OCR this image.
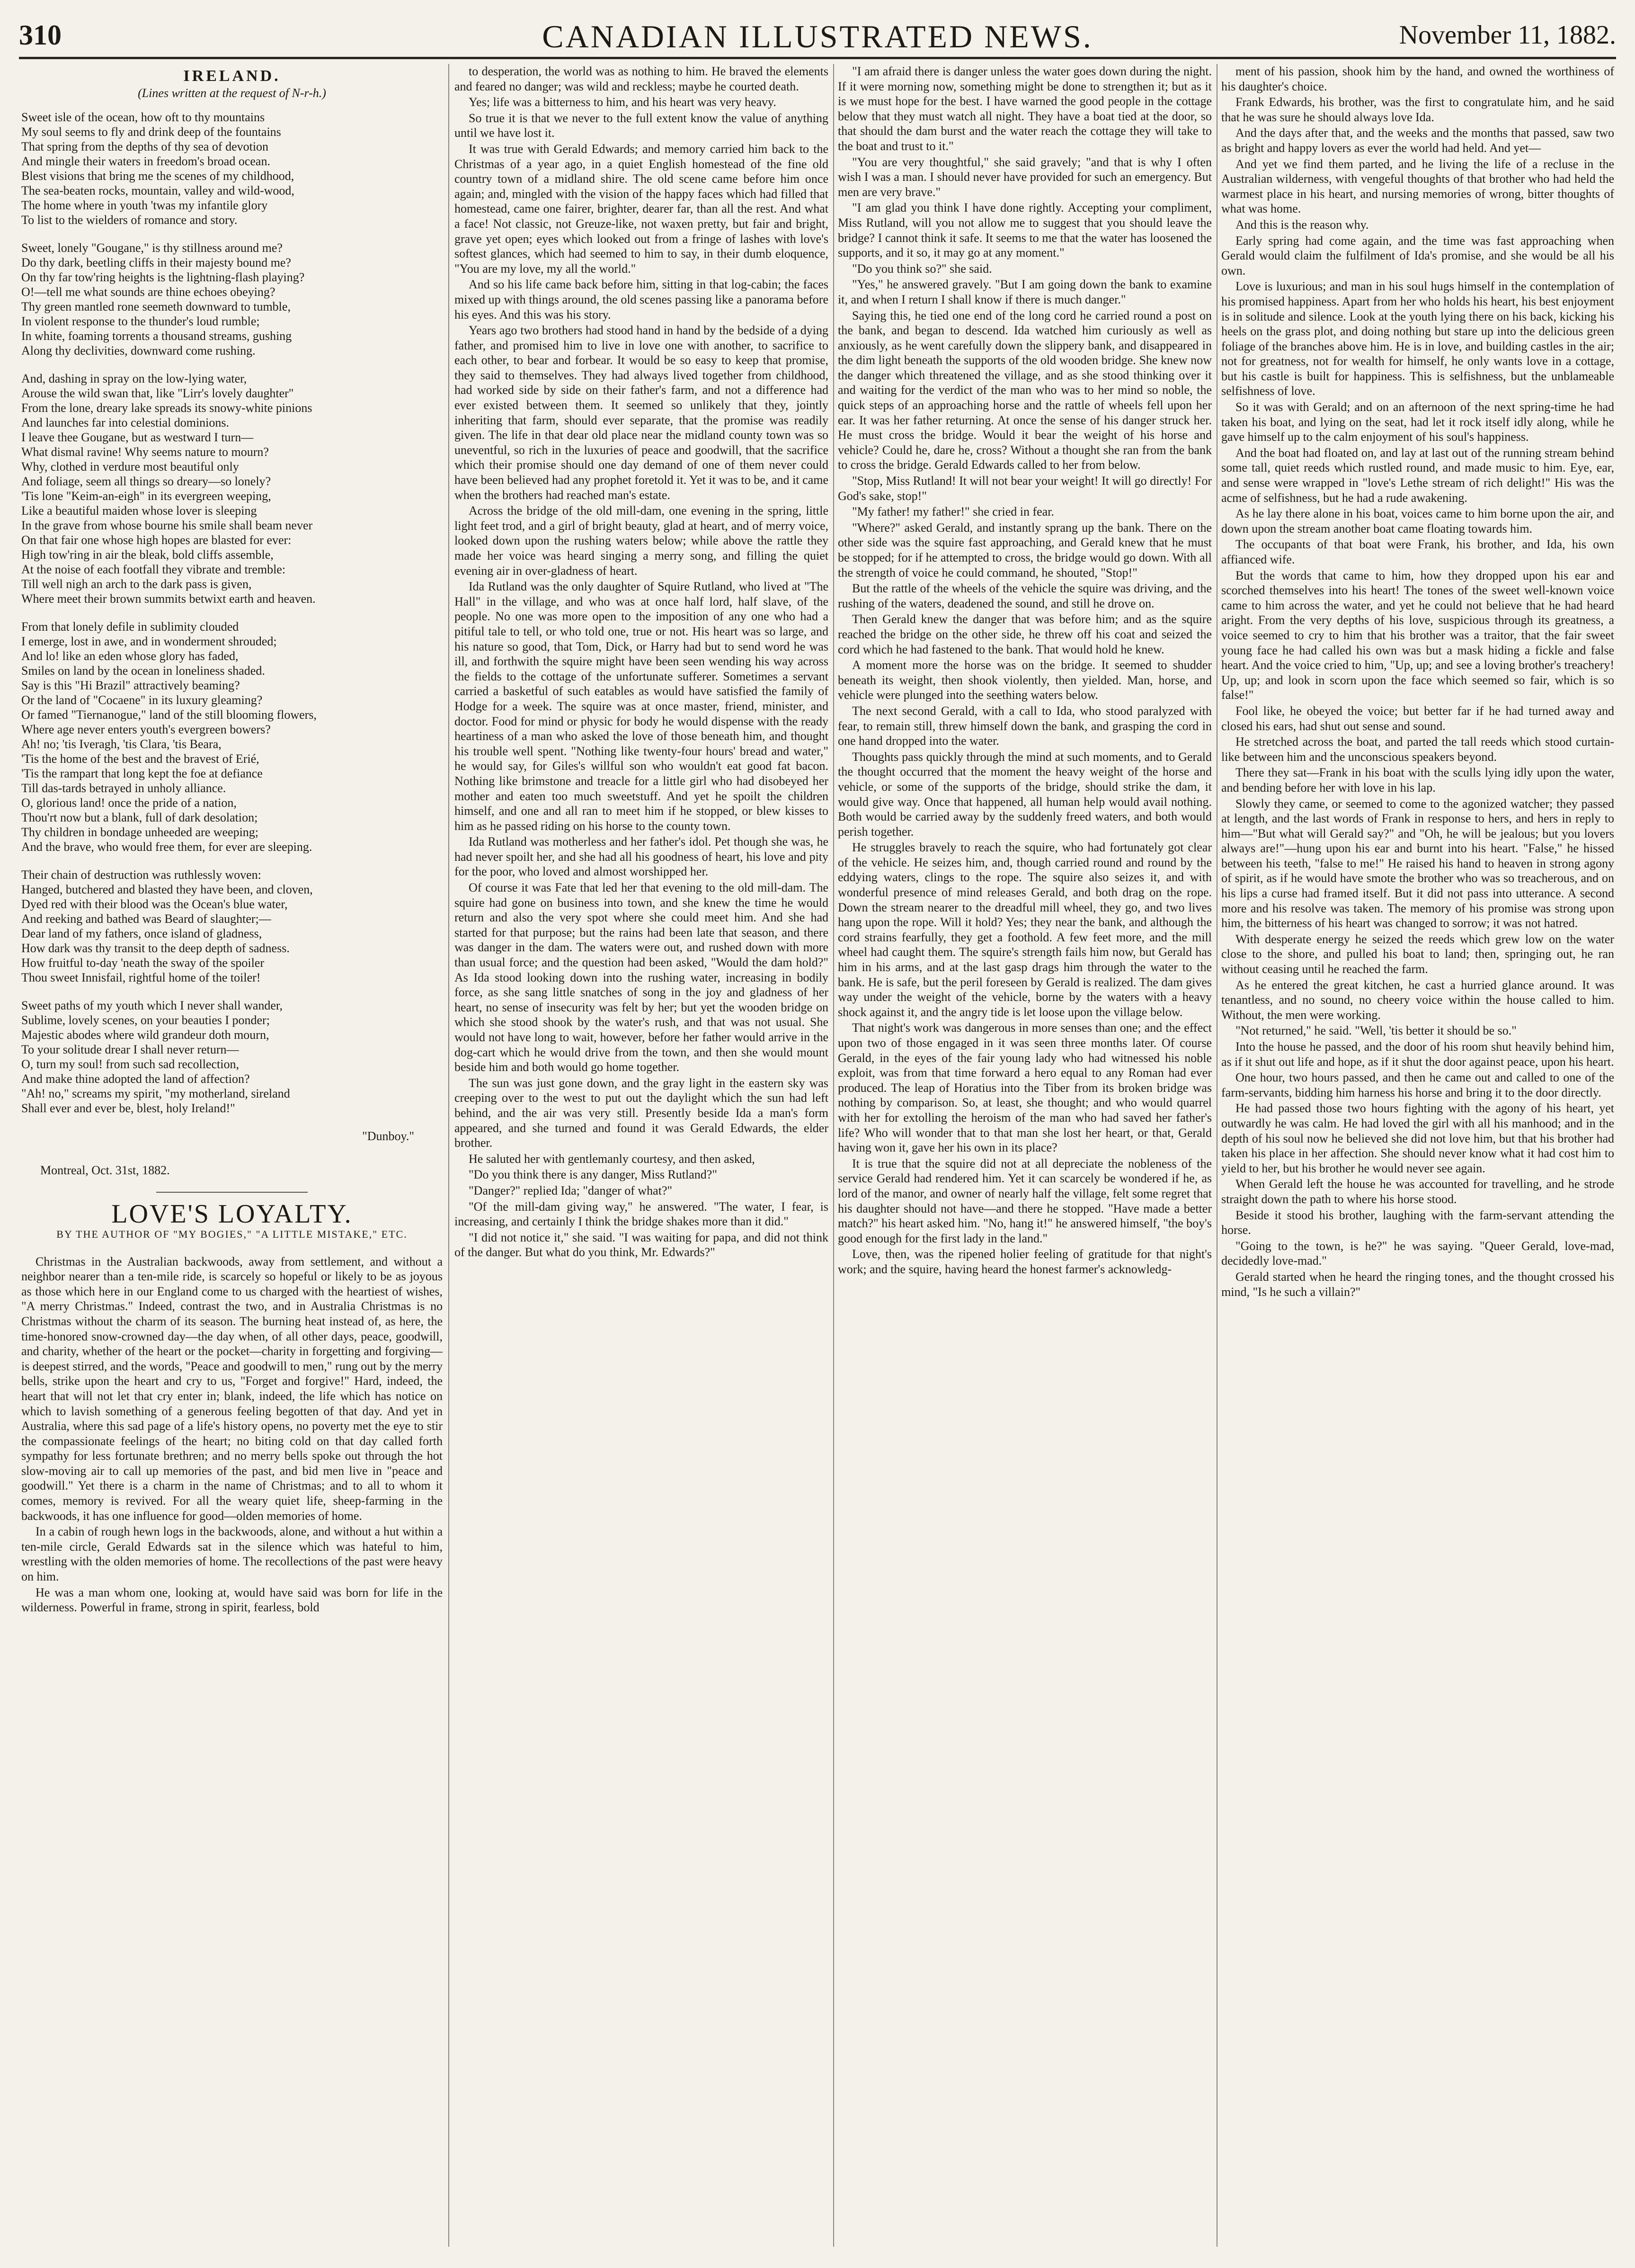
310	CANADIAN ILLUSTRATED NEWS.	November 11, 1882.
IRELAND.
(Lines written at the request of N-r-h.)
Sweet isle of the ocean, how oft to thy mountains
My soul seems to fly and drink deep of the fountains
That spring from the depths of thy sea of devotion
And mingle their waters in freedom's broad ocean.
Blest visions that bring me the scenes of my childhood,
The sea-beaten rocks, mountain, valley and wild-wood,
The home where in youth 'twas my infantile glory
To list to the wielders of romance and story.
Sweet, lonely "Gougane," is thy stillness around me?
Do thy dark, beetling cliffs in their majesty bound me?
On thy far tow'ring heights is the lightning-flash playing?
O!—tell me what sounds are thine echoes obeying?
Thy green mantled rone seemeth downward to tumble,
In violent response to the thunder's loud rumble;
In white, foaming torrents a thousand streams, gushing
Along thy declivities, downward come rushing.
And, dashing in spray on the low-lying water,
Arouse the wild swan that, like "Lirr's lovely daughter"
From the lone, dreary lake spreads its snowy-white pinions
And launches far into celestial dominions.
I leave thee Gougane, but as westward I turn—
What dismal ravine! Why seems nature to mourn?
Why, clothed in verdure most beautiful only
And foliage, seem all things so dreary—so lonely?
'Tis lone "Keim-an-eigh" in its evergreen weeping,
Like a beautiful maiden whose lover is sleeping
In the grave from whose bourne his smile shall beam never
On that fair one whose high hopes are blasted for ever:
High tow'ring in air the bleak, bold cliffs assemble,
At the noise of each footfall they vibrate and tremble:
Till well nigh an arch to the dark pass is given,
Where meet their brown summits betwixt earth and heaven.
From that lonely defile in sublimity clouded
I emerge, lost in awe, and in wonderment shrouded;
And lo! like an eden whose glory has faded,
Smiles on land by the ocean in loneliness shaded.
Say is this "Hi Brazil" attractively beaming?
Or the land of "Cocaene" in its luxury gleaming?
Or famed "Tiernanogue," land of the still blooming flowers,
Where age never enters youth's evergreen bowers?
Ah! no; 'tis Iveragh, 'tis Clara, 'tis Beara,
'Tis the home of the best and the bravest of Erié,
'Tis the rampart that long kept the foe at defiance
Till das-tards betrayed in unholy alliance.
O, glorious land! once the pride of a nation,
Thou'rt now but a blank, full of dark desolation;
Thy children in bondage unheeded are weeping;
And the brave, who would free them, for ever are sleeping.
Their chain of destruction was ruthlessly woven:
Hanged, butchered and blasted they have been, and cloven,
Dyed red with their blood was the Ocean's blue water,
And reeking and bathed was Beard of slaughter;—
Dear land of my fathers, once island of gladness,
How dark was thy transit to the deep depth of sadness.
How fruitful to-day 'neath the sway of the spoiler
Thou sweet Innisfail, rightful home of the toiler!
Sweet paths of my youth which I never shall wander,
Sublime, lovely scenes, on your beauties I ponder;
Majestic abodes where wild grandeur doth mourn,
To your solitude drear I shall never return—
O, turn my soul! from such sad recollection,
And make thine adopted the land of affection?
"Ah! no," screams my spirit, "my motherland, sireland
Shall ever and ever be, blest, holy Ireland!"
"Dunboy."
Montreal, Oct. 31st, 1882.
LOVE'S LOYALTY.
BY THE AUTHOR OF "MY BOGIES," "A LITTLE MISTAKE," ETC.

Christmas in the Australian backwoods, away from settlement, and without a neighbor nearer than a ten-mile ride, is scarcely so hopeful or likely to be as joyous as those which here in our England come to us charged with the heartiest of wishes, "A merry Christmas." Indeed, contrast the two, and in Australia Christmas is no Christmas without the charm of its season. The burning heat instead of, as here, the time-honored snow-crowned day—the day when, of all other days, peace, goodwill, and charity, whether of the heart or the pocket—charity in forgetting and forgiving—is deepest stirred, and the words, "Peace and goodwill to men," rung out by the merry bells, strike upon the heart and cry to us, "Forget and forgive!" Hard, indeed, the heart that will not let that cry enter in; blank, indeed, the life which has notice on which to lavish something of a generous feeling begotten of that day. And yet in Australia, where this sad page of a life's history opens, no poverty met the eye to stir the compassionate feelings of the heart; no biting cold on that day called forth sympathy for less fortunate brethren; and no merry bells spoke out through the hot slow-moving air to call up memories of the past, and bid men live in "peace and goodwill." Yet there is a charm in the name of Christmas; and to all to whom it comes, memory is revived. For all the weary quiet life, sheep-farming in the backwoods, it has one influence for good—olden memories of home.

In a cabin of rough hewn logs in the backwoods, alone, and without a hut within a ten-mile circle, Gerald Edwards sat in the silence which was hateful to him, wrestling with the olden memories of home. The recollections of the past were heavy on him.

He was a man whom one, looking at, would have said was born for life in the wilderness. Powerful in frame, strong in spirit, fearless, bold

to desperation, the world was as nothing to him. He braved the elements and feared no danger; was wild and reckless; maybe he courted death.

Yes; life was a bitterness to him, and his heart was very heavy.

So true it is that we never to the full extent know the value of anything until we have lost it.

It was true with Gerald Edwards; and memory carried him back to the Christmas of a year ago, in a quiet English homestead of the fine old country town of a midland shire. The old scene came before him once again; and, mingled with the vision of the happy faces which had filled that homestead, came one fairer, brighter, dearer far, than all the rest. And what a face! Not classic, not Greuze-like, not waxen pretty, but fair and bright, grave yet open; eyes which looked out from a fringe of lashes with love's softest glances, which had seemed to him to say, in their dumb eloquence, "You are my love, my all the world."

And so his life came back before him, sitting in that log-cabin; the faces mixed up with things around, the old scenes passing like a panorama before his eyes. And this was his story.

Years ago two brothers had stood hand in hand by the bedside of a dying father, and promised him to live in love one with another, to sacrifice to each other, to bear and forbear. It would be so easy to keep that promise, they said to themselves. They had always lived together from childhood, had worked side by side on their father's farm, and not a difference had ever existed between them. It seemed so unlikely that they, jointly inheriting that farm, should ever separate, that the promise was readily given. The life in that dear old place near the midland county town was so uneventful, so rich in the luxuries of peace and goodwill, that the sacrifice which their promise should one day demand of one of them never could have been believed had any prophet foretold it. Yet it was to be, and it came when the brothers had reached man's estate.

Across the bridge of the old mill-dam, one evening in the spring, little light feet trod, and a girl of bright beauty, glad at heart, and of merry voice, looked down upon the rushing waters below; while above the rattle they made her voice was heard singing a merry song, and filling the quiet evening air in over-gladness of heart.

Ida Rutland was the only daughter of Squire Rutland, who lived at "The Hall" in the village, and who was at once half lord, half slave, of the people. No one was more open to the imposition of any one who had a pitiful tale to tell, or who told one, true or not. His heart was so large, and his nature so good, that Tom, Dick, or Harry had but to send word he was ill, and forthwith the squire might have been seen wending his way across the fields to the cottage of the unfortunate sufferer. Sometimes a servant carried a basketful of such eatables as would have satisfied the family of Hodge for a week. The squire was at once master, friend, minister, and doctor. Food for mind or physic for body he would dispense with the ready heartiness of a man who asked the love of those beneath him, and thought his trouble well spent. "Nothing like twenty-four hours' bread and water," he would say, for Giles's willful son who wouldn't eat good fat bacon. Nothing like brimstone and treacle for a little girl who had disobeyed her mother and eaten too much sweetstuff. And yet he spoilt the children himself, and one and all ran to meet him if he stopped, or blew kisses to him as he passed riding on his horse to the county town.

Ida Rutland was motherless and her father's idol. Pet though she was, he had never spoilt her, and she had all his goodness of heart, his love and pity for the poor, who loved and almost worshipped her.

Of course it was Fate that led her that evening to the old mill-dam. The squire had gone on business into town, and she knew the time he would return and also the very spot where she could meet him. And she had started for that purpose; but the rains had been late that season, and there was danger in the dam. The waters were out, and rushed down with more than usual force; and the question had been asked, "Would the dam hold?" As Ida stood looking down into the rushing water, increasing in bodily force, as she sang little snatches of song in the joy and gladness of her heart, no sense of insecurity was felt by her; but yet the wooden bridge on which she stood shook by the water's rush, and that was not usual. She would not have long to wait, however, before her father would arrive in the dog-cart which he would drive from the town, and then she would mount beside him and both would go home together.

The sun was just gone down, and the gray light in the eastern sky was creeping over to the west to put out the daylight which the sun had left behind, and the air was very still. Presently beside Ida a man's form appeared, and she turned and found it was Gerald Edwards, the elder brother.

He saluted her with gentlemanly courtesy, and then asked,

"Do you think there is any danger, Miss Rutland?"

"Danger?" replied Ida; "danger of what?"

"Of the mill-dam giving way," he answered. "The water, I fear, is increasing, and certainly I think the bridge shakes more than it did."

"I did not notice it," she said. "I was waiting for papa, and did not think of the danger. But what do you think, Mr. Edwards?"

"I am afraid there is danger unless the water goes down during the night. If it were morning now, something might be done to strengthen it; but as it is we must hope for the best. I have warned the good people in the cottage below that they must watch all night. They have a boat tied at the door, so that should the dam burst and the water reach the cottage they will take to the boat and trust to it."

"You are very thoughtful," she said gravely; "and that is why I often wish I was a man. I should never have provided for such an emergency. But men are very brave."

"I am glad you think I have done rightly. Accepting your compliment, Miss Rutland, will you not allow me to suggest that you should leave the bridge? I cannot think it safe. It seems to me that the water has loosened the supports, and it so, it may go at any moment."

"Do you think so?" she said.

"Yes," he answered gravely. "But I am going down the bank to examine it, and when I return I shall know if there is much danger."

Saying this, he tied one end of the long cord he carried round a post on the bank, and began to descend. Ida watched him curiously as well as anxiously, as he went carefully down the slippery bank, and disappeared in the dim light beneath the supports of the old wooden bridge. She knew now the danger which threatened the village, and as she stood thinking over it and waiting for the verdict of the man who was to her mind so noble, the quick steps of an approaching horse and the rattle of wheels fell upon her ear. It was her father returning. At once the sense of his danger struck her. He must cross the bridge. Would it bear the weight of his horse and vehicle? Could he, dare he, cross? Without a thought she ran from the bank to cross the bridge. Gerald Edwards called to her from below.

"Stop, Miss Rutland! It will not bear your weight! It will go directly! For God's sake, stop!"

"My father! my father!" she cried in fear.

"Where?" asked Gerald, and instantly sprang up the bank. There on the other side was the squire fast approaching, and Gerald knew that he must be stopped; for if he attempted to cross, the bridge would go down. With all the strength of voice he could command, he shouted, "Stop!"

But the rattle of the wheels of the vehicle the squire was driving, and the rushing of the waters, deadened the sound, and still he drove on.

Then Gerald knew the danger that was before him; and as the squire reached the bridge on the other side, he threw off his coat and seized the cord which he had fastened to the bank. That would hold he knew.

A moment more the horse was on the bridge. It seemed to shudder beneath its weight, then shook violently, then yielded. Man, horse, and vehicle were plunged into the seething waters below.

The next second Gerald, with a call to Ida, who stood paralyzed with fear, to remain still, threw himself down the bank, and grasping the cord in one hand dropped into the water.

Thoughts pass quickly through the mind at such moments, and to Gerald the thought occurred that the moment the heavy weight of the horse and vehicle, or some of the supports of the bridge, should strike the dam, it would give way. Once that happened, all human help would avail nothing. Both would be carried away by the suddenly freed waters, and both would perish together.

He struggles bravely to reach the squire, who had fortunately got clear of the vehicle. He seizes him, and, though carried round and round by the eddying waters, clings to the rope. The squire also seizes it, and with wonderful presence of mind releases Gerald, and both drag on the rope. Down the stream nearer to the dreadful mill wheel, they go, and two lives hang upon the rope. Will it hold? Yes; they near the bank, and although the cord strains fearfully, they get a foothold. A few feet more, and the mill wheel had caught them. The squire's strength fails him now, but Gerald has him in his arms, and at the last gasp drags him through the water to the bank. He is safe, but the peril foreseen by Gerald is realized. The dam gives way under the weight of the vehicle, borne by the waters with a heavy shock against it, and the angry tide is let loose upon the village below.

That night's work was dangerous in more senses than one; and the effect upon two of those engaged in it was seen three months later. Of course Gerald, in the eyes of the fair young lady who had witnessed his noble exploit, was from that time forward a hero equal to any Roman had ever produced. The leap of Horatius into the Tiber from its broken bridge was nothing by comparison. So, at least, she thought; and who would quarrel with her for extolling the heroism of the man who had saved her father's life? Who will wonder that to that man she lost her heart, or that, Gerald having won it, gave her his own in its place?

It is true that the squire did not at all depreciate the nobleness of the service Gerald had rendered him. Yet it can scarcely be wondered if he, as lord of the manor, and owner of nearly half the village, felt some regret that his daughter should not have—and there he stopped. "Have made a better match?" his heart asked him. "No, hang it!" he answered himself, "the boy's good enough for the first lady in the land."

Love, then, was the ripened holier feeling of gratitude for that night's work; and the squire, having heard the honest farmer's acknowledg-

ment of his passion, shook him by the hand, and owned the worthiness of his daughter's choice.

Frank Edwards, his brother, was the first to congratulate him, and he said that he was sure he should always love Ida.

And the days after that, and the weeks and the months that passed, saw two as bright and happy lovers as ever the world had held. And yet—

And yet we find them parted, and he living the life of a recluse in the Australian wilderness, with vengeful thoughts of that brother who had held the warmest place in his heart, and nursing memories of wrong, bitter thoughts of what was home.

And this is the reason why.

Early spring had come again, and the time was fast approaching when Gerald would claim the fulfilment of Ida's promise, and she would be all his own.

Love is luxurious; and man in his soul hugs himself in the contemplation of his promised happiness. Apart from her who holds his heart, his best enjoyment is in solitude and silence. Look at the youth lying there on his back, kicking his heels on the grass plot, and doing nothing but stare up into the delicious green foliage of the branches above him. He is in love, and building castles in the air; not for greatness, not for wealth for himself, he only wants love in a cottage, but his castle is built for happiness. This is selfishness, but the unblameable selfishness of love.

So it was with Gerald; and on an afternoon of the next spring-time he had taken his boat, and lying on the seat, had let it rock itself idly along, while he gave himself up to the calm enjoyment of his soul's happiness.

And the boat had floated on, and lay at last out of the running stream behind some tall, quiet reeds which rustled round, and made music to him. Eye, ear, and sense were wrapped in "love's Lethe stream of rich delight!" His was the acme of selfishness, but he had a rude awakening.

As he lay there alone in his boat, voices came to him borne upon the air, and down upon the stream another boat came floating towards him.

The occupants of that boat were Frank, his brother, and Ida, his own affianced wife.

But the words that came to him, how they dropped upon his ear and scorched themselves into his heart! The tones of the sweet well-known voice came to him across the water, and yet he could not believe that he had heard aright. From the very depths of his love, suspicious through its greatness, a voice seemed to cry to him that his brother was a traitor, that the fair sweet young face he had called his own was but a mask hiding a fickle and false heart. And the voice cried to him, "Up, up; and see a loving brother's treachery! Up, up; and look in scorn upon the face which seemed so fair, which is so false!"

Fool like, he obeyed the voice; but better far if he had turned away and closed his ears, had shut out sense and sound.

He stretched across the boat, and parted the tall reeds which stood curtain-like between him and the unconscious speakers beyond.

There they sat—Frank in his boat with the sculls lying idly upon the water, and bending before her with love in his lap.

Slowly they came, or seemed to come to the agonized watcher; they passed at length, and the last words of Frank in response to hers, and hers in reply to him—"But what will Gerald say?" and "Oh, he will be jealous; but you lovers always are!"—hung upon his ear and burnt into his heart. "False," he hissed between his teeth, "false to me!" He raised his hand to heaven in strong agony of spirit, as if he would have smote the brother who was so treacherous, and on his lips a curse had framed itself. But it did not pass into utterance. A second more and his resolve was taken. The memory of his promise was strong upon him, the bitterness of his heart was changed to sorrow; it was not hatred.

With desperate energy he seized the reeds which grew low on the water close to the shore, and pulled his boat to land; then, springing out, he ran without ceasing until he reached the farm.

As he entered the great kitchen, he cast a hurried glance around. It was tenantless, and no sound, no cheery voice within the house called to him. Without, the men were working.

"Not returned," he said. "Well, 'tis better it should be so."

Into the house he passed, and the door of his room shut heavily behind him, as if it shut out life and hope, as if it shut the door against peace, upon his heart.

One hour, two hours passed, and then he came out and called to one of the farm-servants, bidding him harness his horse and bring it to the door directly.

He had passed those two hours fighting with the agony of his heart, yet outwardly he was calm. He had loved the girl with all his manhood; and in the depth of his soul now he believed she did not love him, but that his brother had taken his place in her affection. She should never know what it had cost him to yield to her, but his brother he would never see again.

When Gerald left the house he was accounted for travelling, and he strode straight down the path to where his horse stood.

Beside it stood his brother, laughing with the farm-servant attending the horse.

"Going to the town, is he?" he was saying. "Queer Gerald, love-mad, decidedly love-mad."

Gerald started when he heard the ringing tones, and the thought crossed his mind, "Is he such a villain?"
